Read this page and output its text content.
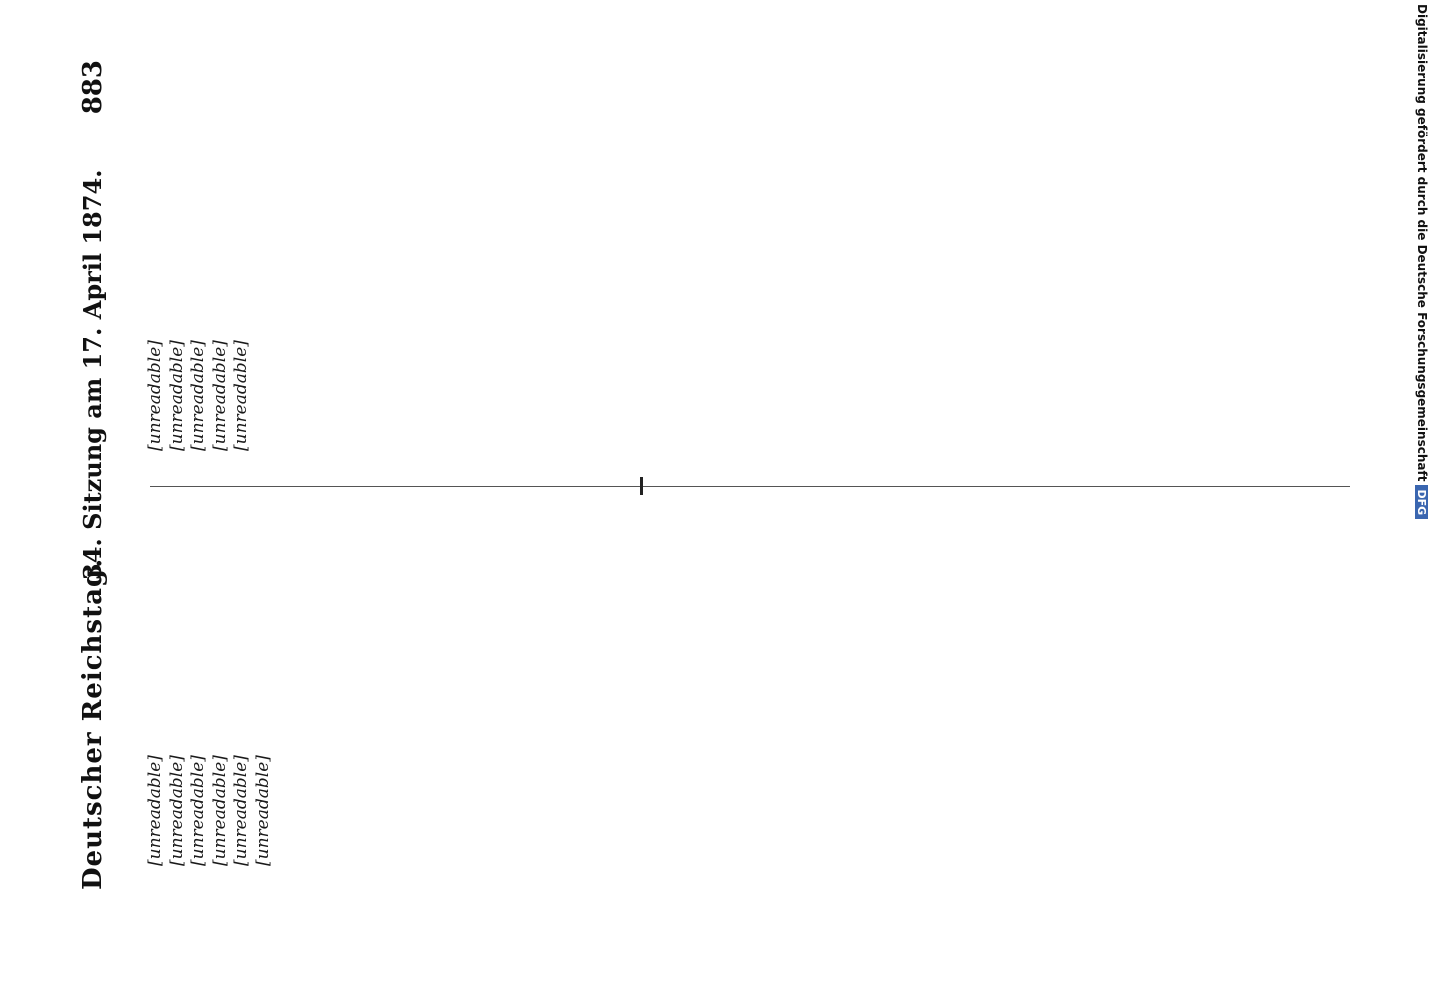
Deutscher Reichstag.
34. Sitzung am 17. April 1874.
883

[unreadable] [unreadable] [unreadable] [unreadable] [unreadable] [unreadable]

[unreadable] [unreadable] [unreadable] [unreadable] [unreadable]	Digitalisierung gefördert durch die Deutsche Forschungsgemeinschaft
DFG
